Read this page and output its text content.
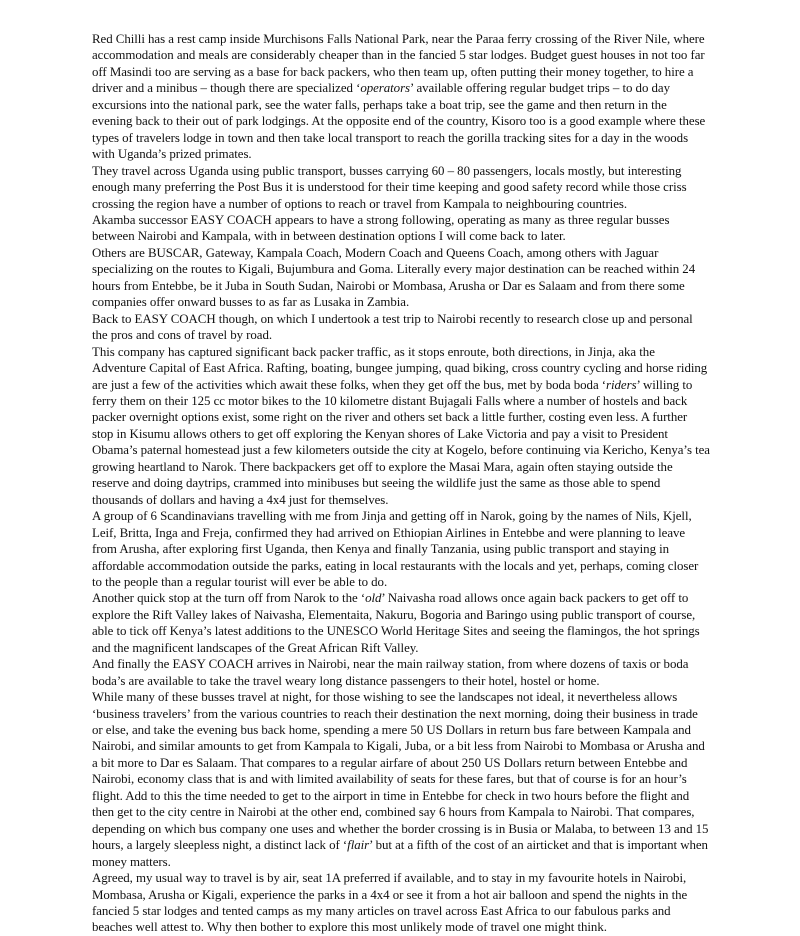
Red Chilli has a rest camp inside Murchisons Falls National Park, near the Paraa ferry crossing of the River Nile, where accommodation and meals are considerably cheaper than in the fancied 5 star lodges. Budget guest houses in not too far off Masindi too are serving as a base for back packers, who then team up, often putting their money together, to hire a driver and a minibus – though there are specialized ‘operators’ available offering regular budget trips – to do day excursions into the national park, see the water falls, perhaps take a boat trip, see the game and then return in the evening back to their out of park lodgings. At the opposite end of the country, Kisoro too is a good example where these types of travelers lodge in town and then take local transport to reach the gorilla tracking sites for a day in the woods with Uganda’s prized primates.

They travel across Uganda using public transport, busses carrying 60 – 80 passengers, locals mostly, but interesting enough many preferring the Post Bus it is understood for their time keeping and good safety record while those criss crossing the region have a number of options to reach or travel from Kampala to neighbouring countries.

Akamba successor EASY COACH appears to have a strong following, operating as many as three regular busses between Nairobi and Kampala, with in between destination options I will come back to later.

Others are BUSCAR, Gateway, Kampala Coach, Modern Coach and Queens Coach, among others with Jaguar specializing on the routes to Kigali, Bujumbura and Goma. Literally every major destination can be reached within 24 hours from Entebbe, be it Juba in South Sudan, Nairobi or Mombasa, Arusha or Dar es Salaam and from there some companies offer onward busses to as far as Lusaka in Zambia.

Back to EASY COACH though, on which I undertook a test trip to Nairobi recently to research close up and personal the pros and cons of travel by road.

This company has captured significant back packer traffic, as it stops enroute, both directions, in Jinja, aka the Adventure Capital of East Africa. Rafting, boating, bungee jumping, quad biking, cross country cycling and horse riding are just a few of the activities which await these folks, when they get off the bus, met by boda boda ‘riders’ willing to ferry them on their 125 cc motor bikes to the 10 kilometre distant Bujagali Falls where a number of hostels and back packer overnight options exist, some right on the river and others set back a little further, costing even less. A further stop in Kisumu allows others to get off exploring the Kenyan shores of Lake Victoria and pay a visit to President Obama’s paternal homestead just a few kilometers outside the city at Kogelo, before continuing via Kericho, Kenya’s tea growing heartland to Narok. There backpackers get off to explore the Masai Mara, again often staying outside the reserve and doing daytrips, crammed into minibuses but seeing the wildlife just the same as those able to spend thousands of dollars and having a 4x4 just for themselves.

A group of 6 Scandinavians travelling with me from Jinja and getting off in Narok, going by the names of Nils, Kjell, Leif, Britta, Inga and Freja, confirmed they had arrived on Ethiopian Airlines in Entebbe and were planning to leave from Arusha, after exploring first Uganda, then Kenya and finally Tanzania, using public transport and staying in affordable accommodation outside the parks, eating in local restaurants with the locals and yet, perhaps, coming closer to the people than a regular tourist will ever be able to do.

Another quick stop at the turn off from Narok to the ‘old’ Naivasha road allows once again back packers to get off to explore the Rift Valley lakes of Naivasha, Elementaita, Nakuru, Bogoria and Baringo using public transport of course, able to tick off Kenya’s latest additions to the UNESCO World Heritage Sites and seeing the flamingos, the hot springs and the magnificent landscapes of the Great African Rift Valley.

And finally the EASY COACH arrives in Nairobi, near the main railway station, from where dozens of taxis or boda boda’s are available to take the travel weary long distance passengers to their hotel, hostel or home.

While many of these busses travel at night, for those wishing to see the landscapes not ideal, it nevertheless allows ‘business travelers’ from the various countries to reach their destination the next morning, doing their business in trade or else, and take the evening bus back home, spending a mere 50 US Dollars in return bus fare between Kampala and Nairobi, and similar amounts to get from Kampala to Kigali, Juba, or a bit less from Nairobi to Mombasa or Arusha and a bit more to Dar es Salaam. That compares to a regular airfare of about 250 US Dollars return between Entebbe and Nairobi, economy class that is and with limited availability of seats for these fares, but that of course is for an hour’s flight. Add to this the time needed to get to the airport in time in Entebbe for check in two hours before the flight and then get to the city centre in Nairobi at the other end, combined say 6 hours from Kampala to Nairobi. That compares, depending on which bus company one uses and whether the border crossing is in Busia or Malaba, to between 13 and 15 hours, a largely sleepless night, a distinct lack of ‘flair’ but at a fifth of the cost of an airticket and that is important when money matters.

Agreed, my usual way to travel is by air, seat 1A preferred if available, and to stay in my favourite hotels in Nairobi, Mombasa, Arusha or Kigali, experience the parks in a 4x4 or see it from a hot air balloon and spend the nights in the fancied 5 star lodges and tented camps as my many articles on travel across East Africa to our fabulous parks and beaches well attest to. Why then bother to explore this most unlikely mode of travel one might think.
